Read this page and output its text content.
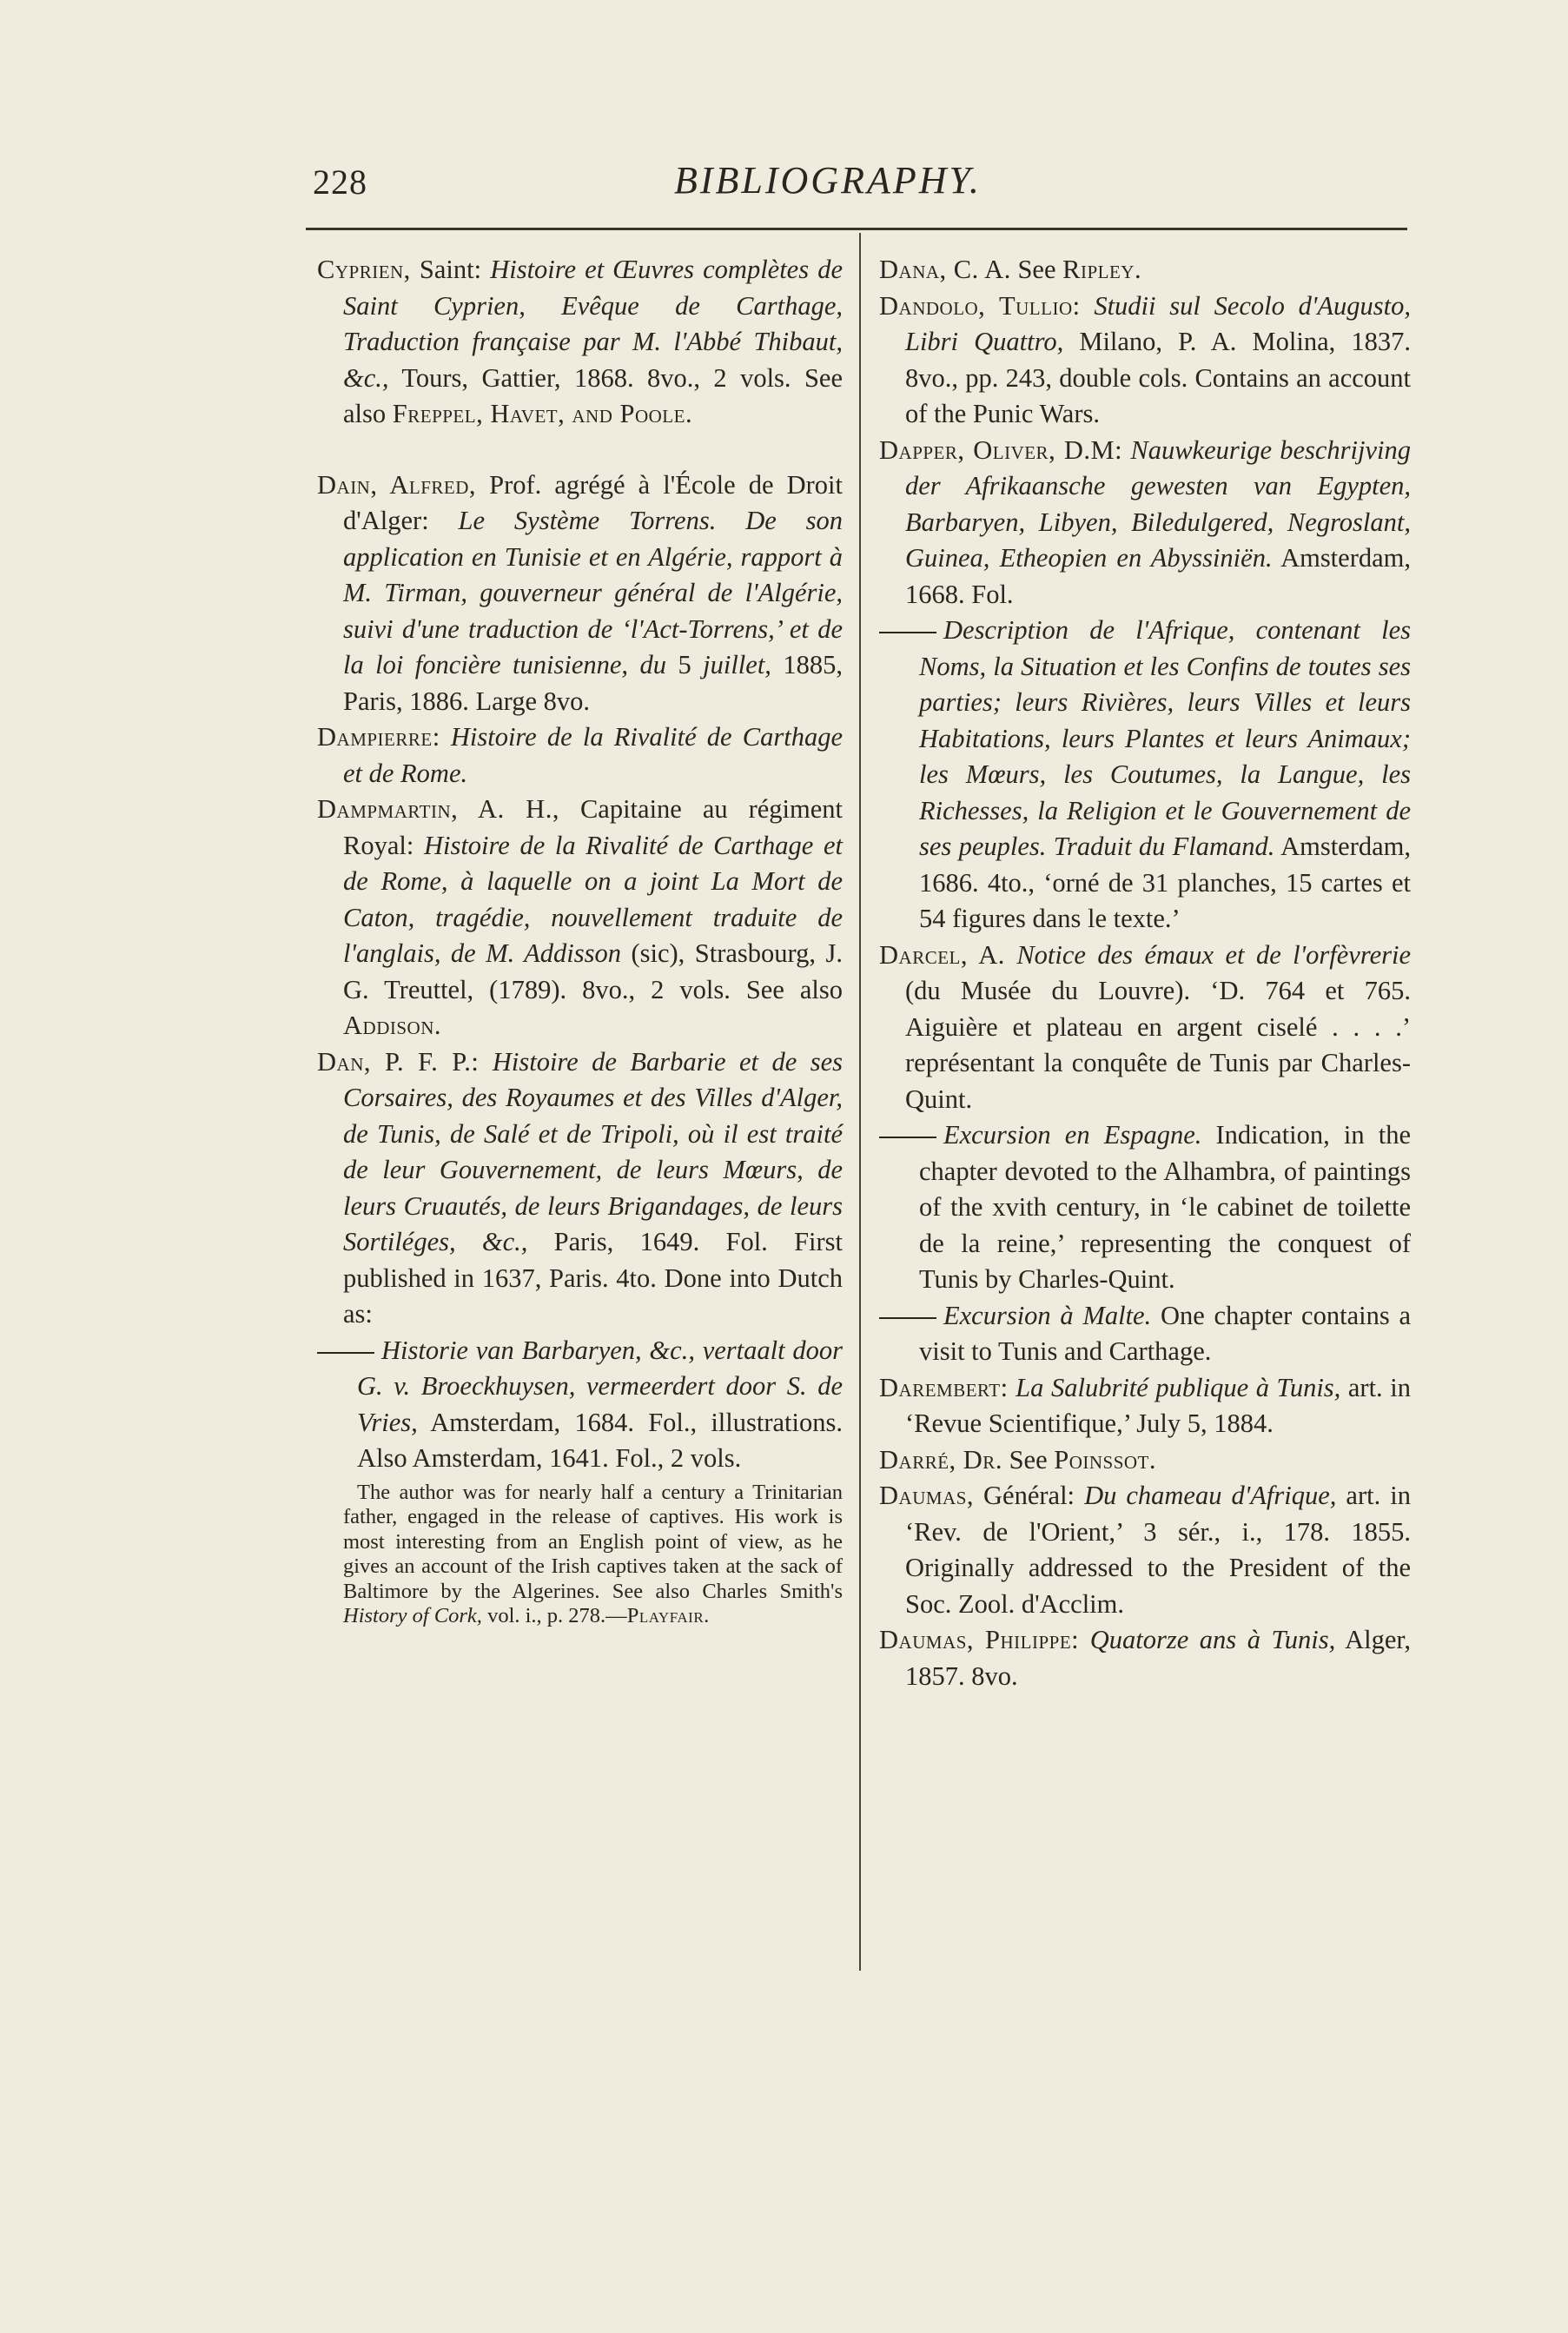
228	BIBLIOGRAPHY.

Cyprien, Saint: Histoire et Œuvres complètes de Saint Cyprien, Evêque de Carthage, Traduction française par M. l'Abbé Thibaut, &c., Tours, Gattier, 1868. 8vo., 2 vols. See also Freppel, Havet, and Poole.

Dain, Alfred, Prof. agrégé à l'École de Droit d'Alger: Le Système Torrens. De son application en Tunisie et en Algérie, rapport à M. Tirman, gouverneur général de l'Algérie, suivi d'une traduction de ‘l'Act-Torrens,’ et de la loi foncière tunisienne, du 5 juillet, 1885, Paris, 1886. Large 8vo.

Dampierre: Histoire de la Rivalité de Carthage et de Rome.

Dampmartin, A. H., Capitaine au régiment Royal: Histoire de la Rivalité de Carthage et de Rome, à laquelle on a joint La Mort de Caton, tragédie, nouvellement traduite de l'anglais, de M. Addisson (sic), Strasbourg, J. G. Treuttel, (1789). 8vo., 2 vols. See also Addison.

Dan, P. F. P.: Histoire de Barbarie et de ses Corsaires, des Royaumes et des Villes d'Alger, de Tunis, de Salé et de Tripoli, où il est traité de leur Gouvernement, de leurs Mœurs, de leurs Cruautés, de leurs Brigandages, de leurs Sortiléges, &c., Paris, 1649. Fol. First published in 1637, Paris. 4to. Done into Dutch as:

Historie van Barbaryen, &c., vertaalt door G. v. Broeckhuysen, vermeerdert door S. de Vries, Amsterdam, 1684. Fol., illustrations. Also Amsterdam, 1641. Fol., 2 vols.

The author was for nearly half a century a Trinitarian father, engaged in the release of captives. His work is most interesting from an English point of view, as he gives an account of the Irish captives taken at the sack of Baltimore by the Algerines. See also Charles Smith's History of Cork, vol. i., p. 278.—Playfair.

Dana, C. A. See Ripley.

Dandolo, Tullio: Studii sul Secolo d'Augusto, Libri Quattro, Milano, P. A. Molina, 1837. 8vo., pp. 243, double cols. Contains an account of the Punic Wars.

Dapper, Oliver, D.M: Nauwkeurige beschrijving der Afrikaansche gewesten van Egypten, Barbaryen, Libyen, Biledulgered, Negroslant, Guinea, Etheopien en Abyssiniën. Amsterdam, 1668. Fol.

Description de l'Afrique, contenant les Noms, la Situation et les Confins de toutes ses parties; leurs Rivières, leurs Villes et leurs Habitations, leurs Plantes et leurs Animaux; les Mœurs, les Coutumes, la Langue, les Richesses, la Religion et le Gouvernement de ses peuples. Traduit du Flamand. Amsterdam, 1686. 4to., ‘orné de 31 planches, 15 cartes et 54 figures dans le texte.’

Darcel, A. Notice des émaux et de l'orfèvrerie (du Musée du Louvre). ‘D. 764 et 765. Aiguière et plateau en argent ciselé . . . .’ représentant la conquête de Tunis par Charles-Quint.

Excursion en Espagne. Indication, in the chapter devoted to the Alhambra, of paintings of the xvith century, in ‘le cabinet de toilette de la reine,’ representing the conquest of Tunis by Charles-Quint.

Excursion à Malte. One chapter contains a visit to Tunis and Carthage.

Darembert: La Salubrité publique à Tunis, art. in ‘Revue Scientifique,’ July 5, 1884.

Darré, Dr. See Poinssot.

Daumas, Général: Du chameau d'Afrique, art. in ‘Rev. de l'Orient,’ 3 sér., i., 178. 1855. Originally addressed to the President of the Soc. Zool. d'Acclim.

Daumas, Philippe: Quatorze ans à Tunis, Alger, 1857. 8vo.
